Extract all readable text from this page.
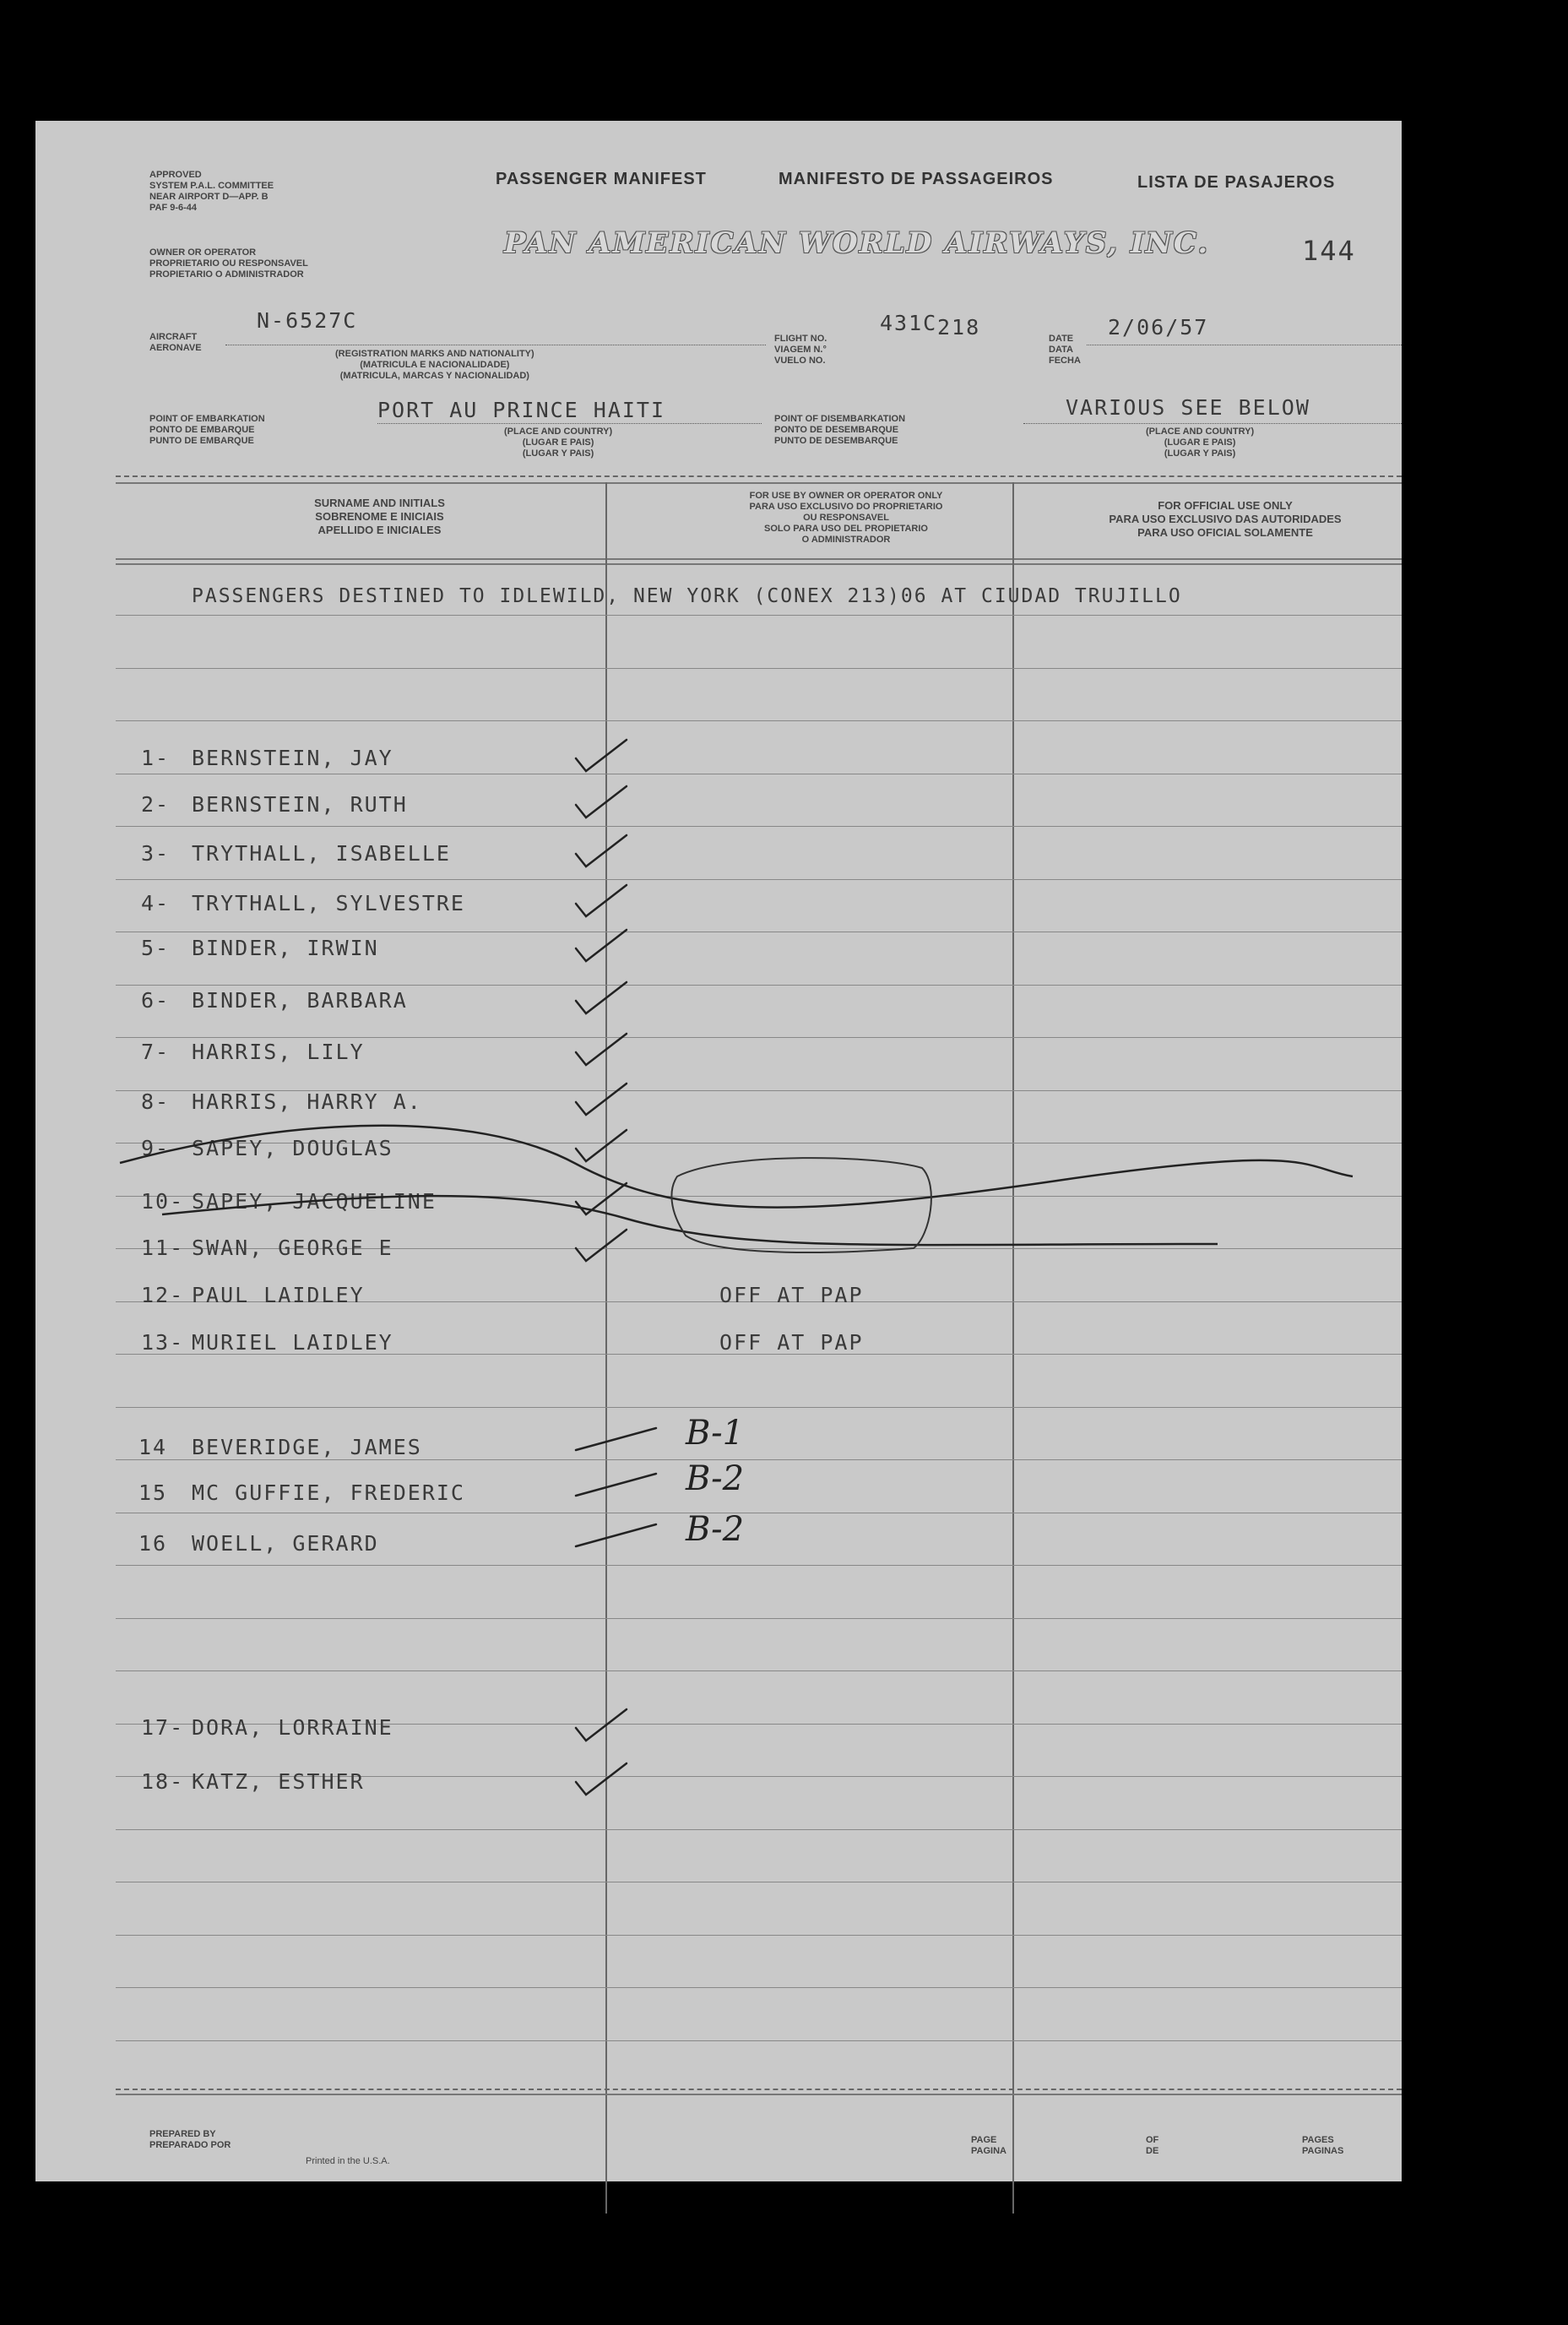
APPROVED
SYSTEM P.A.L. COMMITTEE
NEAR AIRPORT D—APP. B
PAF 9-6-44
PASSENGER MANIFEST	MANIFESTO DE PASSAGEIROS	LISTA DE PASAJEROS
OWNER OR OPERATOR
PROPRIETARIO OU RESPONSAVEL
PROPIETARIO O ADMINISTRADOR
PAN AMERICAN WORLD AIRWAYS, INC.	144
AIRCRAFT
AERONAVE
N-6527C
(REGISTRATION MARKS AND NATIONALITY)
(MATRICULA E NACIONALIDADE)
(MATRICULA, MARCAS Y NACIONALIDAD)
FLIGHT NO.
VIAGEM N.°
VUELO NO.
431C 218	DATE
DATA
FECHA
2/06/57
POINT OF EMBARKATION
PONTO DE EMBARQUE
PUNTO DE EMBARQUE
PORT AU PRINCE HAITI
(PLACE AND COUNTRY)
(LUGAR E PAIS)
(LUGAR Y PAIS)
POINT OF DISEMBARKATION
PONTO DE DESEMBARQUE
PUNTO DE DESEMBARQUE
VARIOUS SEE BELOW
(PLACE AND COUNTRY)
(LUGAR E PAIS)
(LUGAR Y PAIS)
SURNAME AND INITIALS
SOBRENOME E INICIAIS
APELLIDO E INICIALES
FOR USE BY OWNER OR OPERATOR ONLY
PARA USO EXCLUSIVO DO PROPRIETARIO
OU RESPONSAVEL
SOLO PARA USO DEL PROPIETARIO
O ADMINISTRADOR
FOR OFFICIAL USE ONLY
PARA USO EXCLUSIVO DAS AUTORIDADES
PARA USO OFICIAL SOLAMENTE
PASSENGERS DESTINED TO IDLEWILD, NEW YORK (CONEX 213)06 AT CIUDAD TRUJILLO
1- BERNSTEIN, JAY
2- BERNSTEIN, RUTH
3- TRYTHALL, ISABELLE
4- TRYTHALL, SYLVESTRE
5- BINDER, IRWIN
6- BINDER, BARBARA
7- HARRIS, LILY
8- HARRIS, HARRY A.
9- SAPEY, DOUGLAS
10- SAPEY, JACQUELINE
11- SWAN, GEORGE E
12- PAUL LAIDLEY	OFF AT PAP
13- MURIEL LAIDLEY	OFF AT PAP
14 BEVERIDGE, JAMES	B-1
15 MC GUFFIE, FREDERIC	B-2
16 WOELL, GERARD	B-2
17- DORA, LORRAINE
18- KATZ, ESTHER
PREPARED BY
PREPARADO POR	PAGE
PAGINA
OF
DE
PAGES
PAGINAS
Printed in the U.S.A.
